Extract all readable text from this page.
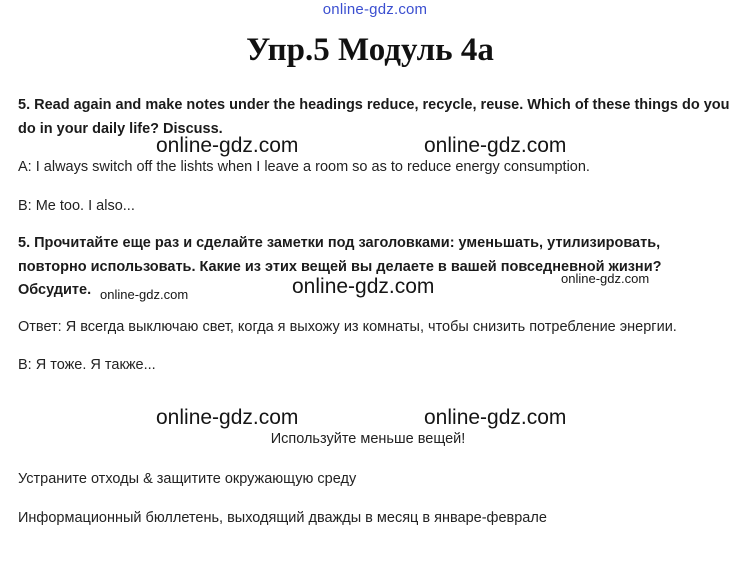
online-gdz.com
Упр.5 Модуль 4а
5. Read again and make notes under the headings reduce, recycle, reuse. Which of these things do you
do in your daily life? Discuss.
online-gdz.com	online-gdz.com
A: I always switch off the lishts when I leave a room so as to reduce energy consumption.
B: Me too. I also...
5. Прочитайте еще раз и сделайте заметки под заголовками: уменьшать, утилизировать,
повторно использовать. Какие из этих вещей вы делаете в вашей повседневной жизни?
Обсудите. online-gdz.com	online-gdz.com	online-gdz.com
Ответ: Я всегда выключаю свет, когда я выхожу из комнаты, чтобы снизить потребление энергии.
В: Я тоже. Я также...
online-gdz.com	online-gdz.com
Используйте меньше вещей!
Устраните отходы & защитите окружающую среду
Информационный бюллетень, выходящий дважды в месяц в январе-феврале
